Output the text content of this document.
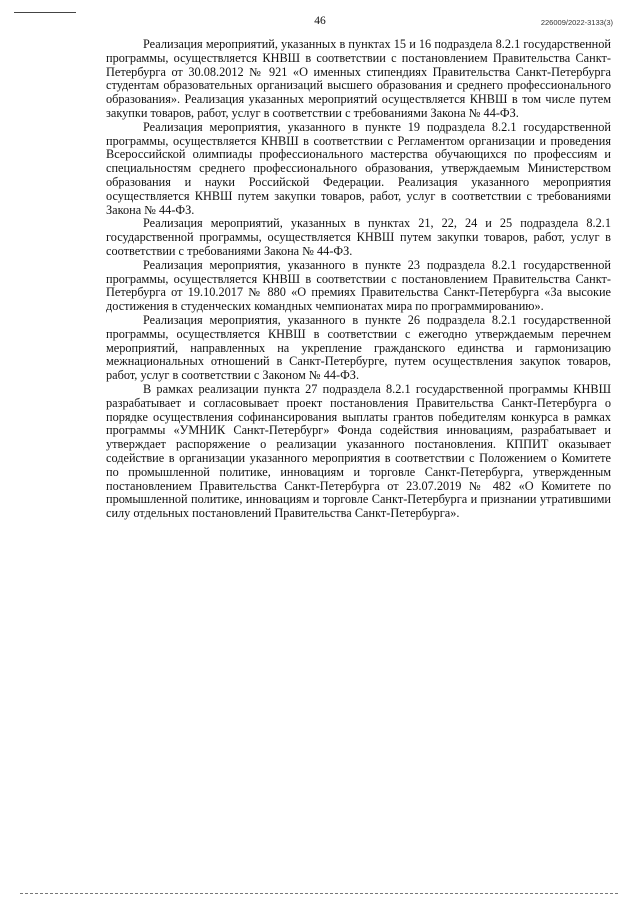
46	226009/2022-3133(3)

Реализация мероприятий, указанных в пунктах 15 и 16 подраздела 8.2.1 государственной программы, осуществляется КНВШ в соответствии с постановлением Правительства Санкт-Петербурга от 30.08.2012 № 921 «О именных стипендиях Правительства Санкт-Петербурга студентам образовательных организаций высшего образования и среднего профессионального образования». Реализация указанных мероприятий осуществляется КНВШ в том числе путем закупки товаров, работ, услуг в соответствии с требованиями Закона № 44-ФЗ.

Реализация мероприятия, указанного в пункте 19 подраздела 8.2.1 государственной программы, осуществляется КНВШ в соответствии с Регламентом организации и проведения Всероссийской олимпиады профессионального мастерства обучающихся по профессиям и специальностям среднего профессионального образования, утверждаемым Министерством образования и науки Российской Федерации. Реализация указанного мероприятия осуществляется КНВШ путем закупки товаров, работ, услуг в соответствии с требованиями Закона № 44-ФЗ.

Реализация мероприятий, указанных в пунктах 21, 22, 24 и 25 подраздела 8.2.1 государственной программы, осуществляется КНВШ путем закупки товаров, работ, услуг в соответствии с требованиями Закона № 44-ФЗ.

Реализация мероприятия, указанного в пункте 23 подраздела 8.2.1 государственной программы, осуществляется КНВШ в соответствии с постановлением Правительства Санкт-Петербурга от 19.10.2017 № 880 «О премиях Правительства Санкт-Петербурга «За высокие достижения в студенческих командных чемпионатах мира по программированию».

Реализация мероприятия, указанного в пункте 26 подраздела 8.2.1 государственной программы, осуществляется КНВШ в соответствии с ежегодно утверждаемым перечнем мероприятий, направленных на укрепление гражданского единства и гармонизацию межнациональных отношений в Санкт-Петербурге, путем осуществления закупок товаров, работ, услуг в соответствии с Законом № 44-ФЗ.

В рамках реализации пункта 27 подраздела 8.2.1 государственной программы КНВШ разрабатывает и согласовывает проект постановления Правительства Санкт-Петербурга о порядке осуществления софинансирования выплаты грантов победителям конкурса в рамках программы «УМНИК Санкт-Петербург» Фонда содействия инновациям, разрабатывает и утверждает распоряжение о реализации указанного постановления. КППИТ оказывает содействие в организации указанного мероприятия в соответствии с Положением о Комитете по промышленной политике, инновациям и торговле Санкт-Петербурга, утвержденным постановлением Правительства Санкт-Петербурга от 23.07.2019 № 482 «О Комитете по промышленной политике, инновациям и торговле Санкт-Петербурга и признании утратившими силу отдельных постановлений Правительства Санкт-Петербурга».
